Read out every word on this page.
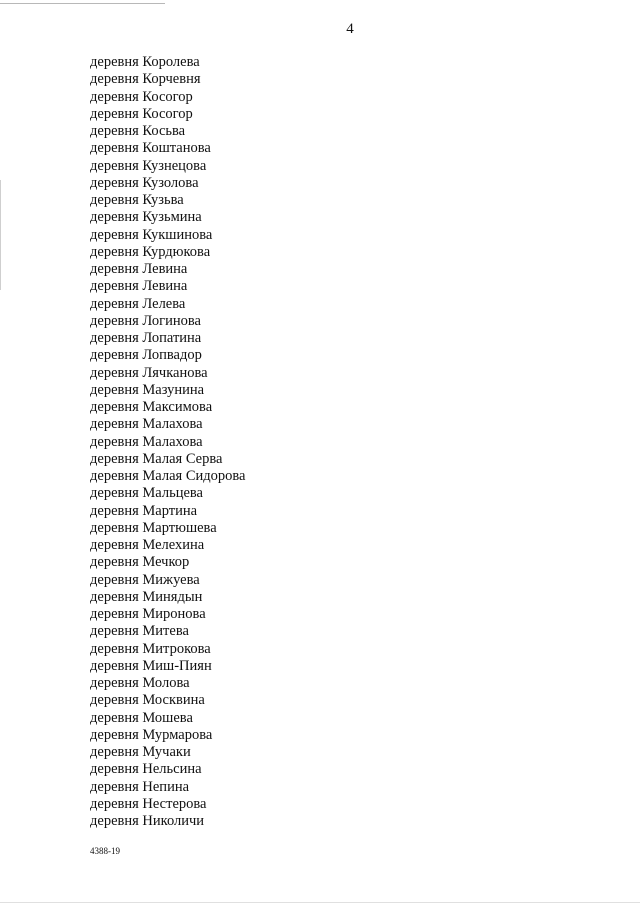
4
деревня Королева
деревня Корчевня
деревня Косогор
деревня Косогор
деревня Косьва
деревня Коштанова
деревня Кузнецова
деревня Кузолова
деревня Кузьва
деревня Кузьмина
деревня Кукшинова
деревня Курдюкова
деревня Левина
деревня Левина
деревня Лелева
деревня Логинова
деревня Лопатина
деревня Лопвадор
деревня Лячканова
деревня Мазунина
деревня Максимова
деревня Малахова
деревня Малахова
деревня Малая Серва
деревня Малая Сидорова
деревня Мальцева
деревня Мартина
деревня Мартюшева
деревня Мелехина
деревня Мечкор
деревня Мижуева
деревня Минядын
деревня Миронова
деревня Митева
деревня Митрокова
деревня Миш-Пиян
деревня Молова
деревня Москвина
деревня Мошева
деревня Мурмарова
деревня Мучаки
деревня Нельсина
деревня Непина
деревня Нестерова
деревня Николичи
4388-19
